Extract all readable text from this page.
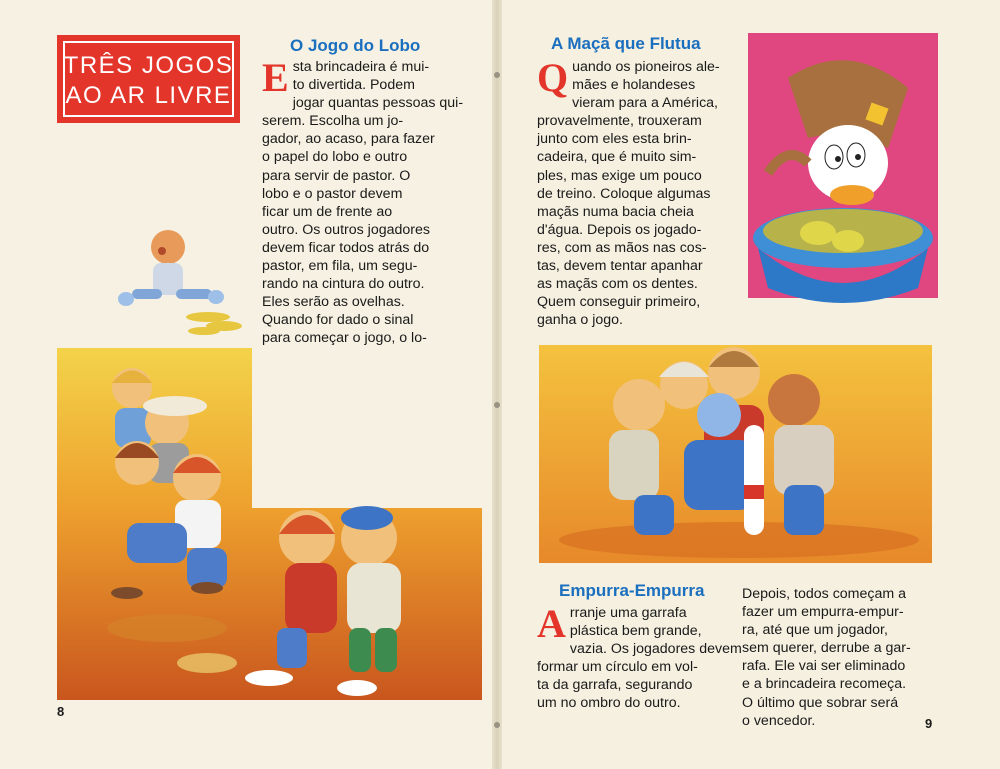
TRÊS JOGOS
AO AR LIVRE
O Jogo do Lobo
E sta brincadeira é mui-
to divertida. Podem
jogar quantas pessoas qui-
serem. Escolha um jo-
gador, ao acaso, para fazer
o papel do lobo e outro
para servir de pastor. O
lobo e o pastor devem
ficar um de frente ao
outro. Os outros jogadores
devem ficar todos atrás do
pastor, em fila, um segu-
rando na cintura do outro.
Eles serão as ovelhas.
Quando for dado o sinal
para começar o jogo, o lo-
8
A Maçã que Flutua
Q uando os pioneiros ale-
mães e holandeses
vieram para a América,
provavelmente, trouxeram
junto com eles esta brin-
cadeira, que é muito sim-
ples, mas exige um pouco
de treino. Coloque algumas
maçãs numa bacia cheia
d'água. Depois os jogado-
res, com as mãos nas cos-
tas, devem tentar apanhar
as maçãs com os dentes.
Quem conseguir primeiro,
ganha o jogo.
Empurra-Empurra
A rranje uma garrafa
plástica bem grande,
vazia. Os jogadores devem
formar um círculo em vol-
ta da garrafa, segurando
um no ombro do outro.
Depois, todos começam a
fazer um empurra-empur-
ra, até que um jogador,
sem querer, derrube a gar-
rafa. Ele vai ser eliminado
e a brincadeira recomeça.
O último que sobrar será
o vencedor.	9
